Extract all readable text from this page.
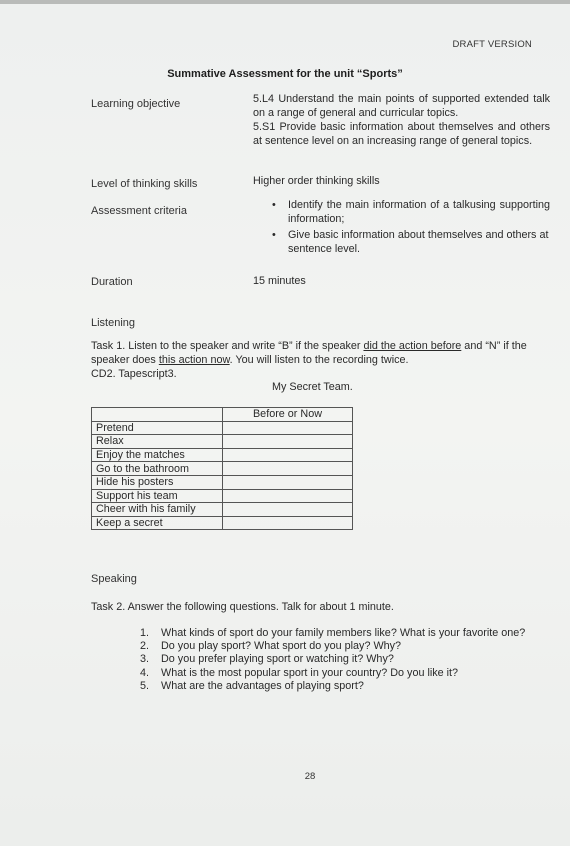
DRAFT VERSION
Summative Assessment for the unit “Sports”
Learning objective	5.L4 Understand the main points of supported extended talk on a range of general and curricular topics.
5.S1 Provide basic information about themselves and others at sentence level on an increasing range of general topics.
Level of thinking skills	Higher order thinking skills
Assessment criteria	• Identify the main information of a talkusing supporting information;
• Give basic information about themselves and others at sentence level.
Duration	15 minutes
Listening
Task 1. Listen to the speaker and write “B” if the speaker did the action before and “N” if the speaker does this action now. You will listen to the recording twice.
CD2. Tapescript3.
My Secret Team.
	Before or Now
Pretend	
Relax	
Enjoy the matches	
Go to the bathroom	
Hide his posters	
Support his team	
Cheer with his family	
Keep a secret	
Speaking
Task 2. Answer the following questions. Talk for about 1 minute.
1. What kinds of sport do your family members like? What is your favorite one?
2. Do you play sport? What sport do you play? Why?
3. Do you prefer playing sport or watching it? Why?
4. What is the most popular sport in your country? Do you like it?
5. What are the advantages of playing sport?
28
